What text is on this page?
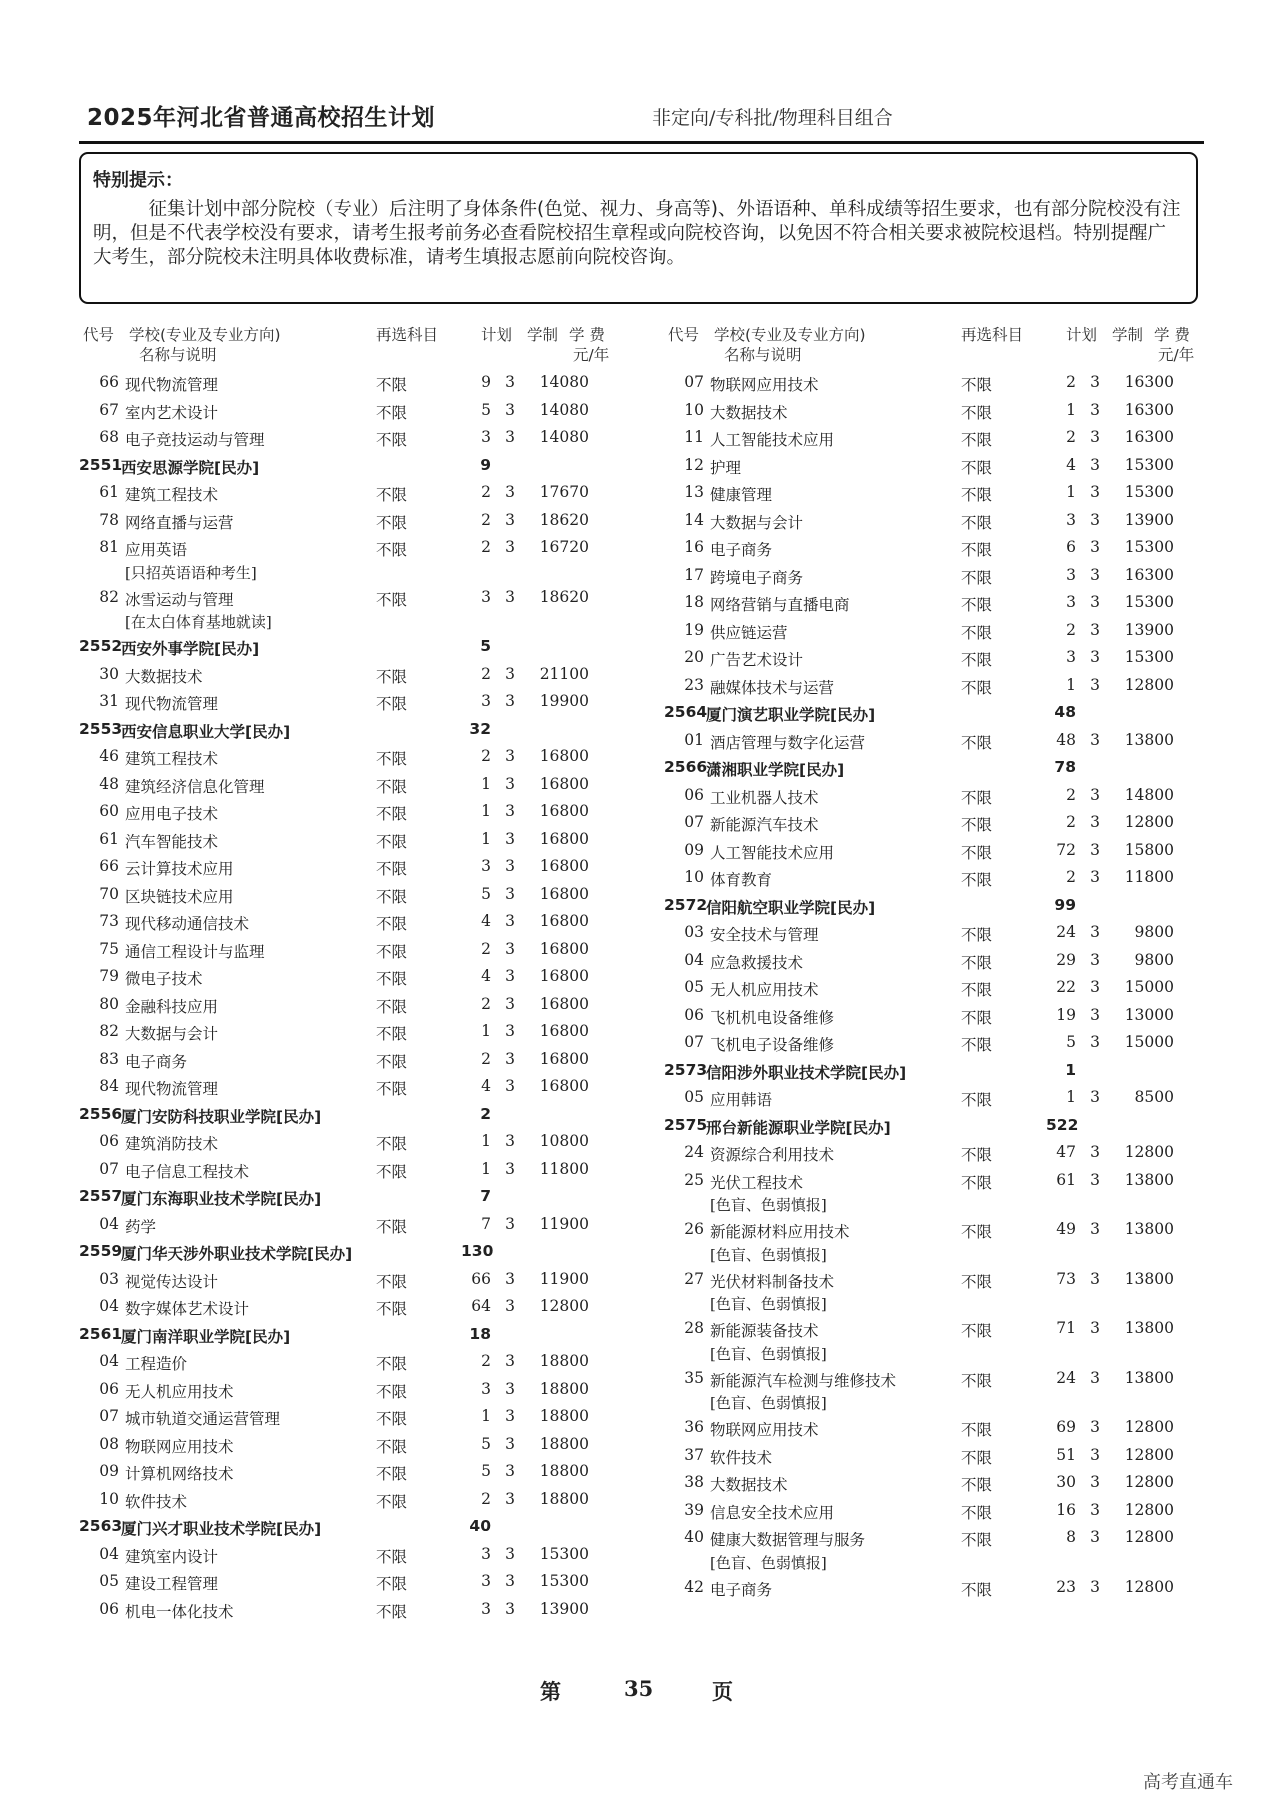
2025年河北省普通高校招生计划	非定向/专科批/物理科目组合
特别提示：
征集计划中部分院校（专业）后注明了身体条件(色觉、视力、身高等)、外语语种、单科成绩等招生要求，也有部分院校没有注明，但是不代表学校没有要求，请考生报考前务必查看院校招生章程或向院校咨询，以免因不符合相关要求被院校退档。特别提醒广大考生，部分院校未注明具体收费标准，请考生填报志愿前向院校咨询。
代号 学校(专业及专业方向)
名称与说明
再选科目	计划 学制 学 费
元/年
66 现代物流管理	不限	9 3	14080
67 室内艺术设计	不限	5 3	14080
68 电子竞技运动与管理	不限	3 3	14080
2551
西安思源学院[民办]	9
61 建筑工程技术	不限	2 3	17670
78 网络直播与运营	不限	2 3	18620
81 应用英语	不限	2 3	16720
[只招英语语种考生]
82 冰雪运动与管理	不限	3 3	18620
[在太白体育基地就读]
2552
西安外事学院[民办]	5
30 大数据技术	不限	2 3	21100
31 现代物流管理	不限	3 3	19900
2553
西安信息职业大学[民办]	32
46 建筑工程技术	不限	2 3	16800
48 建筑经济信息化管理	不限	1 3	16800
60 应用电子技术	不限	1 3	16800
61 汽车智能技术	不限	1 3	16800
66 云计算技术应用	不限	3 3	16800
70 区块链技术应用	不限	5 3	16800
73 现代移动通信技术	不限	4 3	16800
75 通信工程设计与监理	不限	2 3	16800
79 微电子技术	不限	4 3	16800
80 金融科技应用	不限	2 3	16800
82 大数据与会计	不限	1 3	16800
83 电子商务	不限	2 3	16800
84 现代物流管理	不限	4 3	16800
2556
厦门安防科技职业学院[民办]	2
06 建筑消防技术	不限	1 3	10800
07 电子信息工程技术	不限	1 3	11800
2557
厦门东海职业技术学院[民办]	7
04 药学	不限	7 3	11900
2559
厦门华天涉外职业技术学院[民办]	130
03 视觉传达设计	不限	66 3	11900
04 数字媒体艺术设计	不限	64 3	12800
2561
厦门南洋职业学院[民办]	18
04 工程造价	不限	2 3	18800
06 无人机应用技术	不限	3 3	18800
07 城市轨道交通运营管理	不限	1 3	18800
08 物联网应用技术	不限	5 3	18800
09 计算机网络技术	不限	5 3	18800
10 软件技术	不限	2 3	18800
2563
厦门兴才职业技术学院[民办]	40
04 建筑室内设计	不限	3 3	15300
05 建设工程管理	不限	3 3	15300
06 机电一体化技术	不限	3 3	13900
代号 学校(专业及专业方向)
名称与说明
再选科目	计划 学制 学 费
元/年
07 物联网应用技术	不限	2 3	16300
10 大数据技术	不限	1 3	16300
11 人工智能技术应用	不限	2 3	16300
12 护理	不限	4 3	15300
13 健康管理	不限	1 3	15300
14 大数据与会计	不限	3 3	13900
16 电子商务	不限	6 3	15300
17 跨境电子商务	不限	3 3	16300
18 网络营销与直播电商	不限	3 3	15300
19 供应链运营	不限	2 3	13900
20 广告艺术设计	不限	3 3	15300
23 融媒体技术与运营	不限	1 3	12800
2564
厦门演艺职业学院[民办]	48
01 酒店管理与数字化运营	不限	48 3	13800
2566
潇湘职业学院[民办]	78
06 工业机器人技术	不限	2 3	14800
07 新能源汽车技术	不限	2 3	12800
09 人工智能技术应用	不限	72 3	15800
10 体育教育	不限	2 3	11800
2572
信阳航空职业学院[民办]	99
03 安全技术与管理	不限	24 3	9800
04 应急救援技术	不限	29 3	9800
05 无人机应用技术	不限	22 3	15000
06 飞机机电设备维修	不限	19 3	13000
07 飞机电子设备维修	不限	5 3	15000
2573
信阳涉外职业技术学院[民办]	1
05 应用韩语	不限	1 3	8500
2575
邢台新能源职业学院[民办]	522
24 资源综合利用技术	不限	47 3	12800
25 光伏工程技术	不限	61 3	13800
[色盲、色弱慎报]
26 新能源材料应用技术	不限	49 3	13800
[色盲、色弱慎报]
27 光伏材料制备技术	不限	73 3	13800
[色盲、色弱慎报]
28 新能源装备技术	不限	71 3	13800
[色盲、色弱慎报]
35 新能源汽车检测与维修技术	不限	24 3	13800
[色盲、色弱慎报]
36 物联网应用技术	不限	69 3	12800
37 软件技术	不限	51 3	12800
38 大数据技术	不限	30 3	12800
39 信息安全技术应用	不限	16 3	12800
40 健康大数据管理与服务	不限	8 3	12800
[色盲、色弱慎报]
42 电子商务	不限	23 3	12800
第	35	页
高考直通车
